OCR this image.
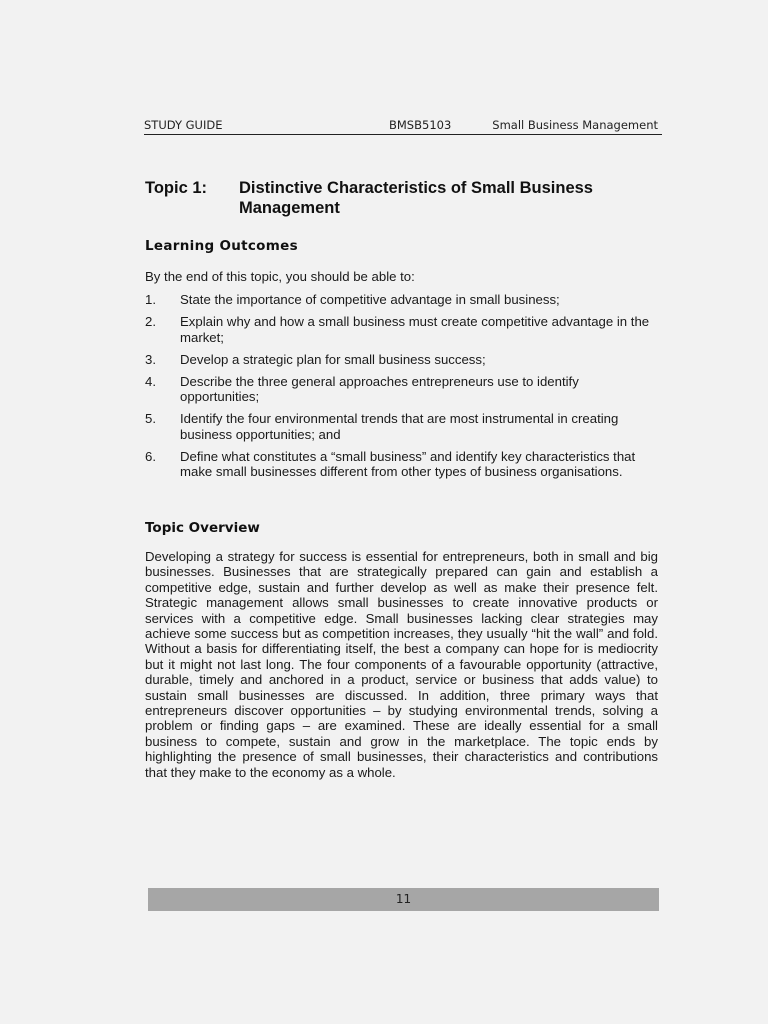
STUDY GUIDE	BMSB5103	Small Business Management
Topic 1: Distinctive Characteristics of Small Business Management
Learning Outcomes
By the end of this topic, you should be able to:
1. State the importance of competitive advantage in small business;
2. Explain why and how a small business must create competitive advantage in the market;
3. Develop a strategic plan for small business success;
4. Describe the three general approaches entrepreneurs use to identify opportunities;
5. Identify the four environmental trends that are most instrumental in creating business opportunities; and
6. Define what constitutes a “small business” and identify key characteristics that make small businesses different from other types of business organisations.
Topic Overview

Developing a strategy for success is essential for entrepreneurs, both in small and big businesses. Businesses that are strategically prepared can gain and establish a competitive edge, sustain and further develop as well as make their presence felt. Strategic management allows small businesses to create innovative products or services with a competitive edge. Small businesses lacking clear strategies may achieve some success but as competition increases, they usually “hit the wall” and fold. Without a basis for differentiating itself, the best a company can hope for is mediocrity but it might not last long. The four components of a favourable opportunity (attractive, durable, timely and anchored in a product, service or business that adds value) to sustain small businesses are discussed. In addition, three primary ways that entrepreneurs discover opportunities – by studying environmental trends, solving a problem or finding gaps – are examined. These are ideally essential for a small business to compete, sustain and grow in the marketplace. The topic ends by highlighting the presence of small businesses, their characteristics and contributions that they make to the economy as a whole.

11
